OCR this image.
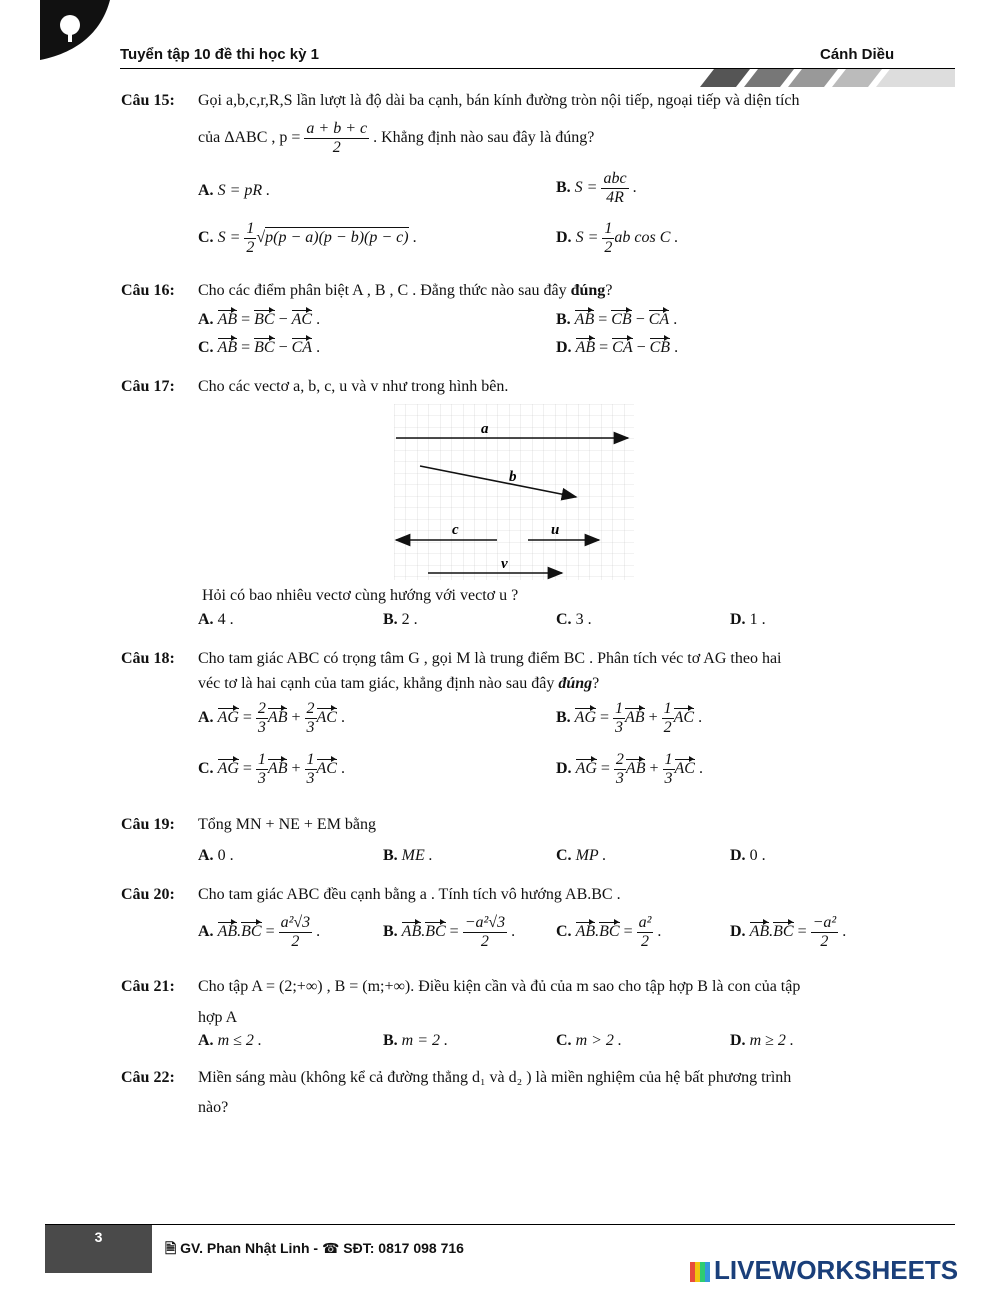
Tuyển tập 10 đề thi học kỳ 1	Cánh Diều
Câu 15: Gọi a,b,c,r,R,S lần lượt là độ dài ba cạnh, bán kính đường tròn nội tiếp, ngoại tiếp và diện tích
của ΔABC , $p = \frac{a + b + c}{2}$ . Khẳng định nào sau đây là đúng?
A. S = pR .	B. $S = \frac{\text{abc}}{4R}$ .
C. $S = \frac{1}{2} √p(p - a)(p - b)(p - c)$ .	D. $S = \frac{1}{2}$ ab cos C .
Câu 16: Cho các điểm phân biệt A , B , C . Đẳng thức nào sau đây đúng?
A. AB = BC − AC .	B. AB = CB − CA .
C. AB = BC − CA .	D. AB = CA − CB .
Câu 17: Cho các vectơ a, b, c, u và v như trong hình bên.
a
b
c	u
v
Hỏi có bao nhiêu vectơ cùng hướng với vectơ u ?
A. 4 .	B. 2 .	C. 3 .	D. 1 .
Câu 18: Cho tam giác ABC có trọng tâm G , gọi M là trung điểm BC . Phân tích véc tơ AG theo hai
véc tơ là hai cạnh của tam giác, khẳng định nào sau đây đúng?
A. AG = $\frac{2}{3}$ AB + $\frac{2}{3}$ AC .	B. AG = $\frac{1}{3}$ AB + $\frac{1}{2}$ AC .
C. AG = $\frac{1}{3}$ AB + $\frac{1}{3}$ AC .	D. AG = $\frac{2}{3}$ AB + $\frac{1}{3}$ AC .
Câu 19: Tổng MN + NE + EM bằng
A. 0 .	B. ME .	C. MP .	D. 0 .
Câu 20: Cho tam giác ABC đều cạnh bằng a . Tính tích vô hướng AB.BC .
A. $AB.BC = \frac{\text{a²√3}}{2}$ .	B. $AB.BC = \frac{\text{−a²√3}}{2}$ .	C. $AB.BC = \frac{\text{a²}}{2}$ .	D. $AB.BC = \frac{\text{−a²}}{2}$ .
Câu 21: Cho tập A = (2;+∞) , B = (m;+∞). Điều kiện cần và đủ của m sao cho tập hợp B là con của tập
hợp A
A. m ≤ 2 .	B. m = 2 .	C. m > 2 .	D. m ≥ 2 .
Câu 22: Miền sáng màu (không kể cả đường thẳng d₁ và d₂ ) là miền nghiệm của hệ bất phương trình
nào?
3
🗎 GV. Phan Nhật Linh - ☎ SĐT: 0817 098 716
LIVEWORKSHEETS
